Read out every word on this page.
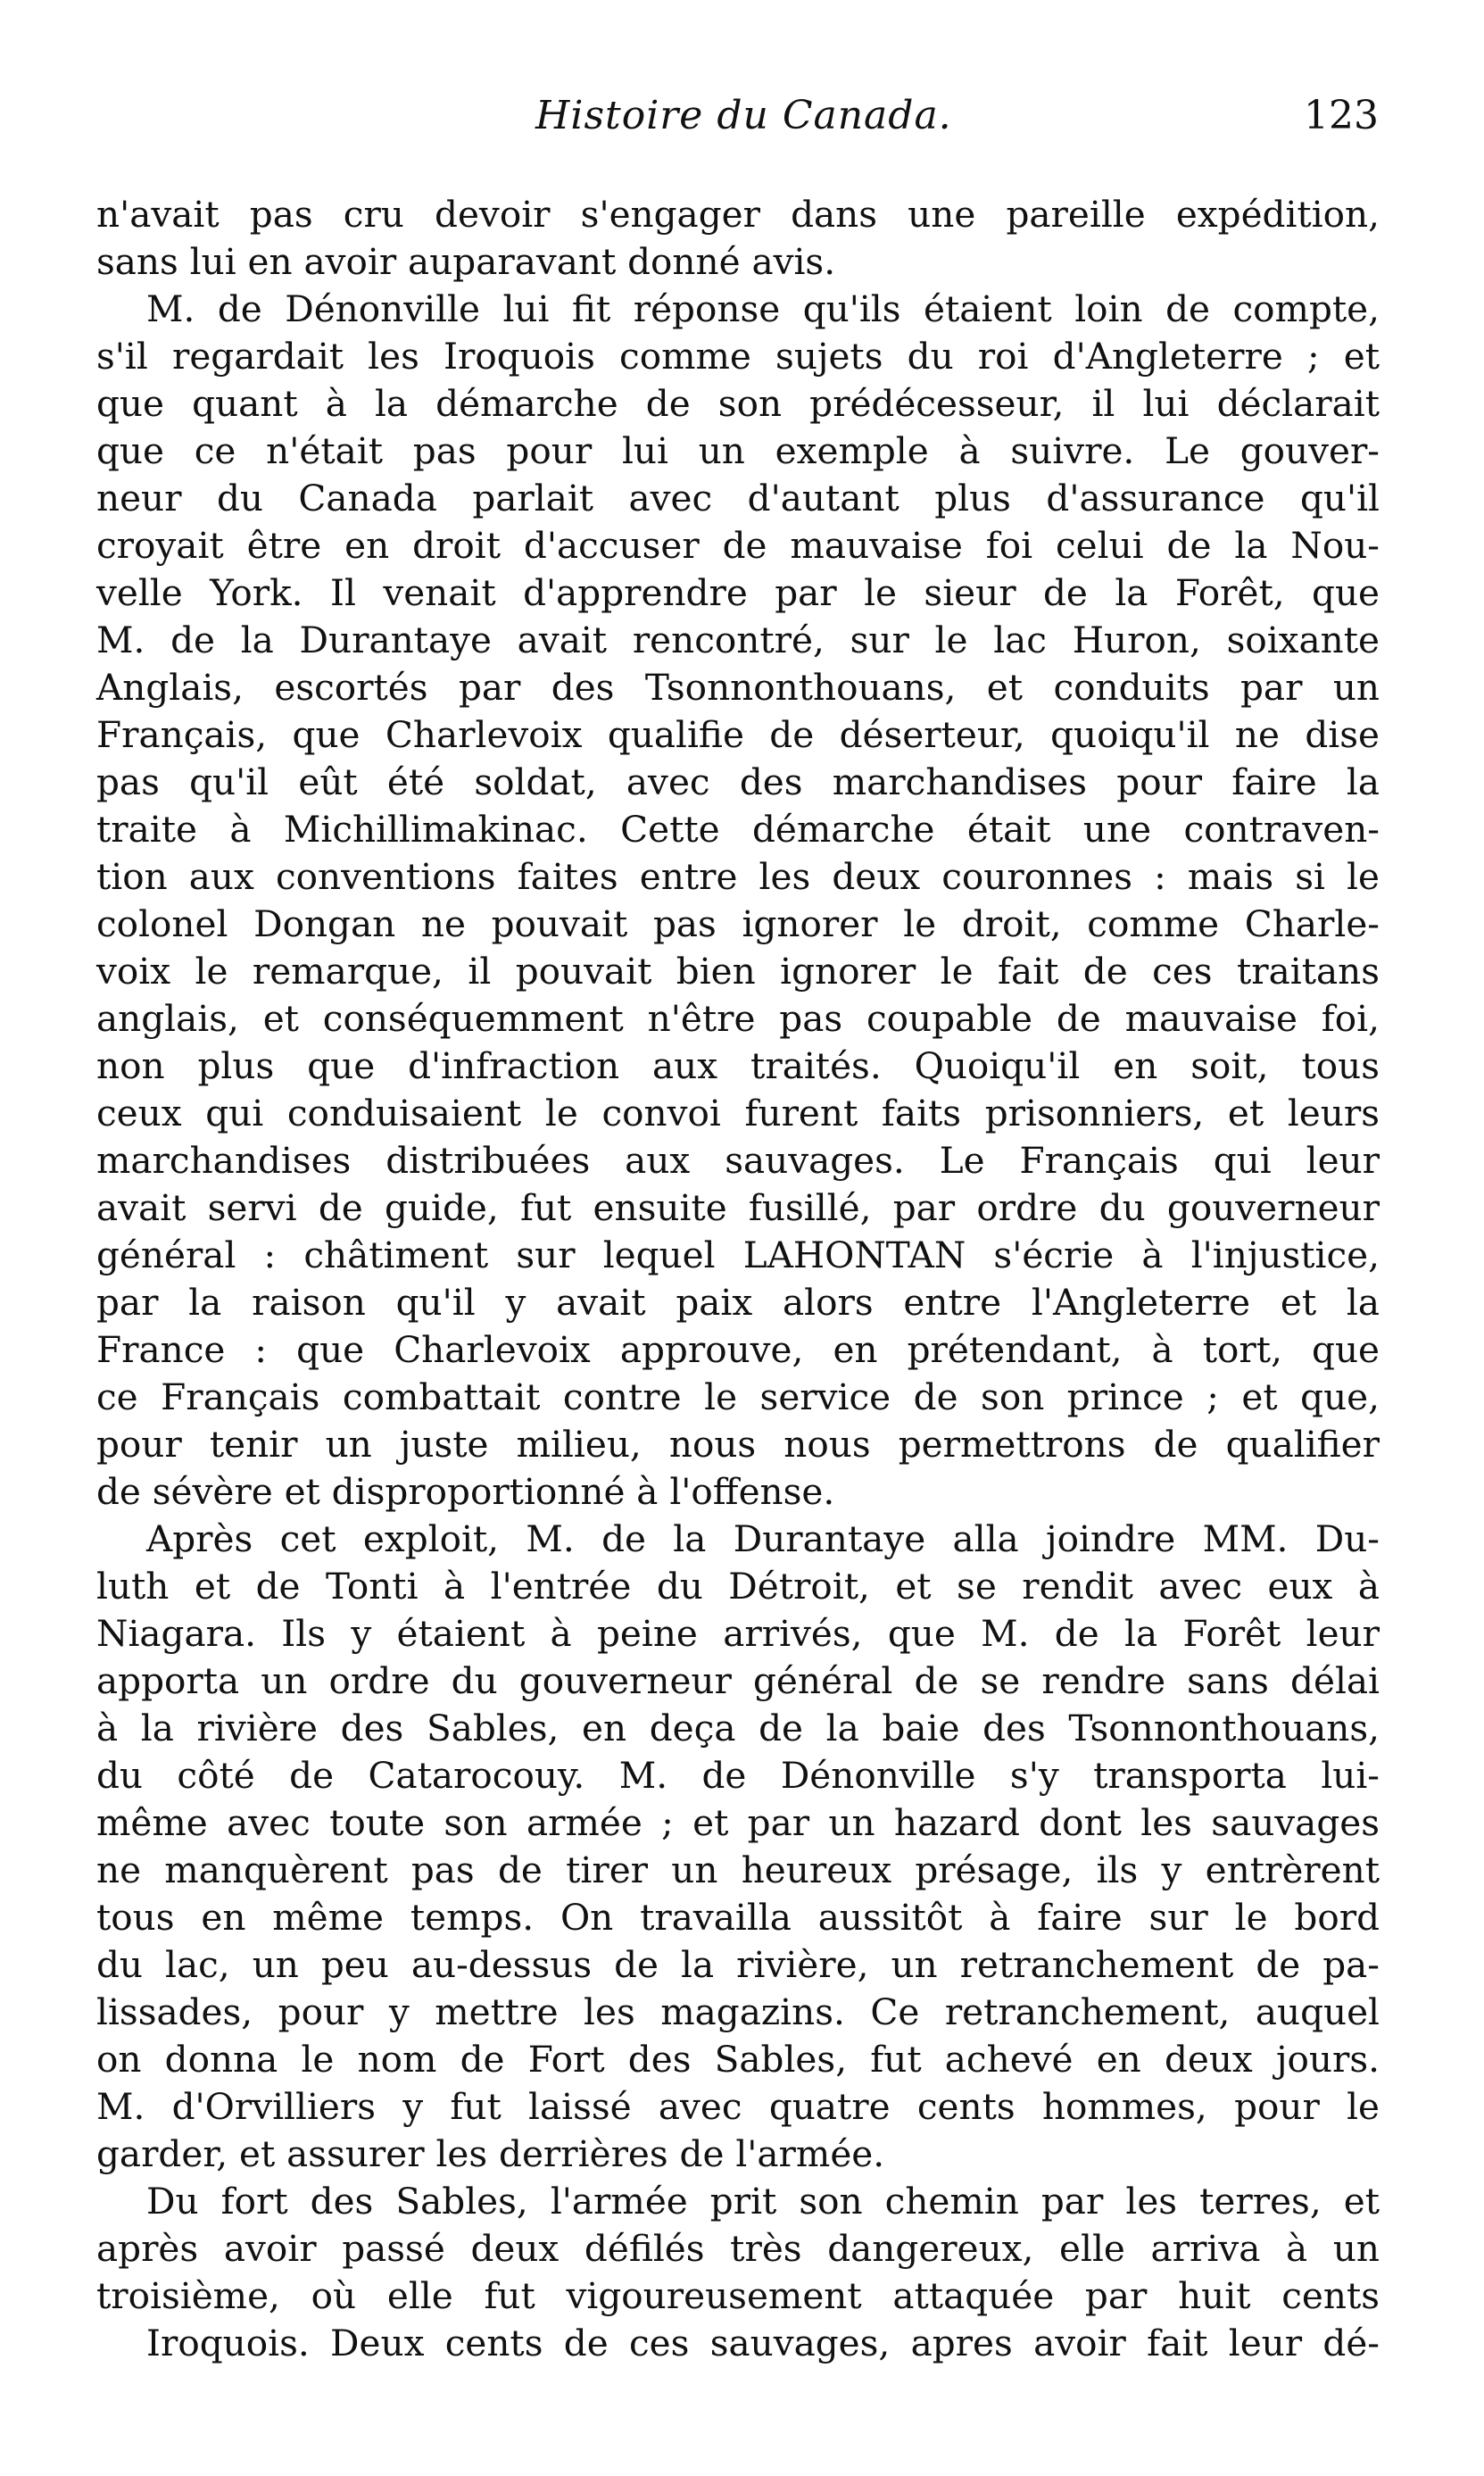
Histoire du Canada.	123
n'avait pas cru devoir s'engager dans une pareille expédition,
sans lui en avoir auparavant donné avis.
M. de Dénonville lui fit réponse qu'ils étaient loin de compte,
s'il regardait les Iroquois comme sujets du roi d'Angleterre ; et
que quant à la démarche de son prédécesseur, il lui déclarait
que ce n'était pas pour lui un exemple à suivre. Le gouver-
neur du Canada parlait avec d'autant plus d'assurance qu'il
croyait être en droit d'accuser de mauvaise foi celui de la Nou-
velle York. Il venait d'apprendre par le sieur de la Forêt, que
M. de la Durantaye avait rencontré, sur le lac Huron, soixante
Anglais, escortés par des Tsonnonthouans, et conduits par un
Français, que Charlevoix qualifie de déserteur, quoiqu'il ne dise
pas qu'il eût été soldat, avec des marchandises pour faire la
traite à Michillimakinac. Cette démarche était une contraven-
tion aux conventions faites entre les deux couronnes : mais si le
colonel Dongan ne pouvait pas ignorer le droit, comme Charle-
voix le remarque, il pouvait bien ignorer le fait de ces traitans
anglais, et conséquemment n'être pas coupable de mauvaise foi,
non plus que d'infraction aux traités. Quoiqu'il en soit, tous
ceux qui conduisaient le convoi furent faits prisonniers, et leurs
marchandises distribuées aux sauvages. Le Français qui leur
avait servi de guide, fut ensuite fusillé, par ordre du gouverneur
général : châtiment sur lequel LAHONTAN s'écrie à l'injustice,
par la raison qu'il y avait paix alors entre l'Angleterre et la
France : que Charlevoix approuve, en prétendant, à tort, que
ce Français combattait contre le service de son prince ; et que,
pour tenir un juste milieu, nous nous permettrons de qualifier
de sévère et disproportionné à l'offense.
Après cet exploit, M. de la Durantaye alla joindre MM. Du-
luth et de Tonti à l'entrée du Détroit, et se rendit avec eux à
Niagara. Ils y étaient à peine arrivés, que M. de la Forêt leur
apporta un ordre du gouverneur général de se rendre sans délai
à la rivière des Sables, en deça de la baie des Tsonnonthouans,
du côté de Catarocouy. M. de Dénonville s'y transporta lui-
même avec toute son armée ; et par un hazard dont les sauvages
ne manquèrent pas de tirer un heureux présage, ils y entrèrent
tous en même temps. On travailla aussitôt à faire sur le bord
du lac, un peu au-dessus de la rivière, un retranchement de pa-
lissades, pour y mettre les magazins. Ce retranchement, auquel
on donna le nom de Fort des Sables, fut achevé en deux jours.
M. d'Orvilliers y fut laissé avec quatre cents hommes, pour le
garder, et assurer les derrières de l'armée.
Du fort des Sables, l'armée prit son chemin par les terres, et
après avoir passé deux défilés très dangereux, elle arriva à un
troisième, où elle fut vigoureusement attaquée par huit cents
Iroquois. Deux cents de ces sauvages, apres avoir fait leur dé-
